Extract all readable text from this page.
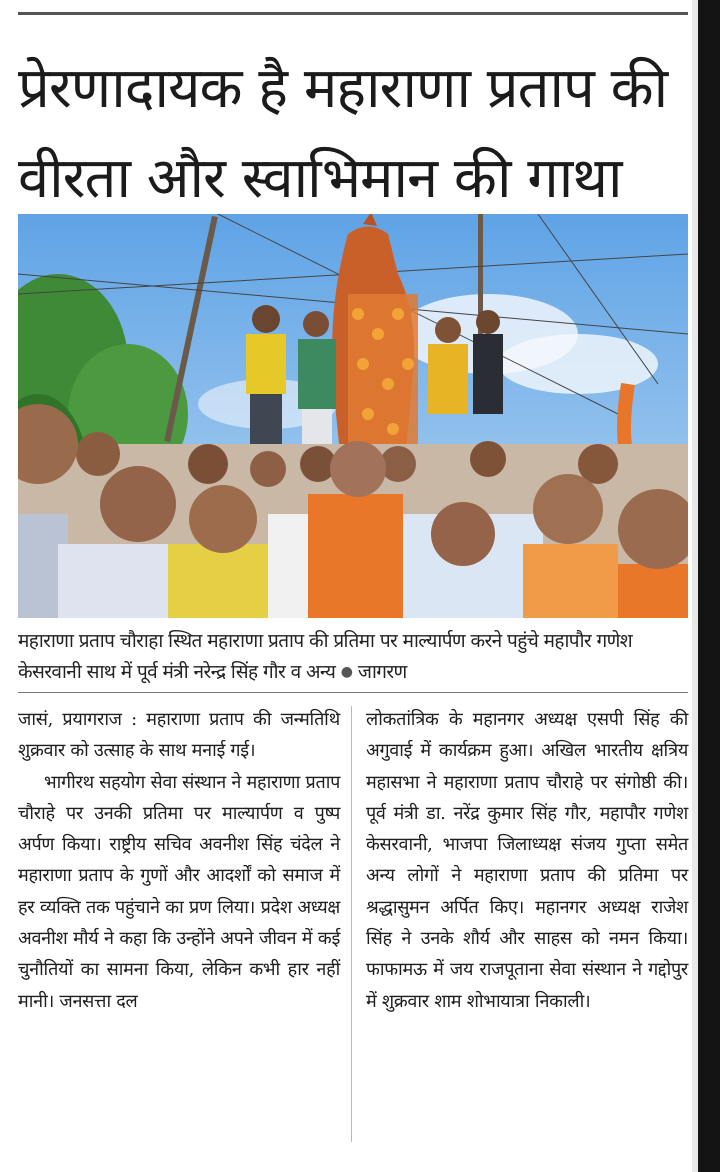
प्रेरणादायक है महाराणा प्रताप की
वीरता और स्वाभिमान की गाथा
महाराणा प्रताप चौराहा स्थित महाराणा प्रताप की प्रतिमा पर माल्यार्पण करने पहुंचे महापौर गणेश केसरवानी साथ में पूर्व मंत्री नरेन्द्र सिंह गौर व अन्य ● जागरण

जासं, प्रयागराज : महाराणा प्रताप की जन्मतिथि शुक्रवार को उत्साह के साथ मनाई गई।

भागीरथ सहयोग सेवा संस्थान ने महाराणा प्रताप चौराहे पर उनकी प्रतिमा पर माल्यार्पण व पुष्प अर्पण किया। राष्ट्रीय सचिव अवनीश सिंह चंदेल ने महाराणा प्रताप के गुणों और आदर्शों को समाज में हर व्यक्ति तक पहुंचाने का प्रण लिया। प्रदेश अध्यक्ष अवनीश मौर्य ने कहा कि उन्होंने अपने जीवन में कई चुनौतियों का सामना किया, लेकिन कभी हार नहीं मानी। जनसत्ता दल

लोकतांत्रिक के महानगर अध्यक्ष एसपी सिंह की अगुवाई में कार्यक्रम हुआ। अखिल भारतीय क्षत्रिय महासभा ने महाराणा प्रताप चौराहे पर संगोष्ठी की। पूर्व मंत्री डा. नरेंद्र कुमार सिंह गौर, महापौर गणेश केसरवानी, भाजपा जिलाध्यक्ष संजय गुप्ता समेत अन्य लोगों ने महाराणा प्रताप की प्रतिमा पर श्रद्धासुमन अर्पित किए। महानगर अध्यक्ष राजेश सिंह ने उनके शौर्य और साहस को नमन किया। फाफामऊ में जय राजपूताना सेवा संस्थान ने गद्दोपुर में शुक्रवार शाम शोभायात्रा निकाली।
